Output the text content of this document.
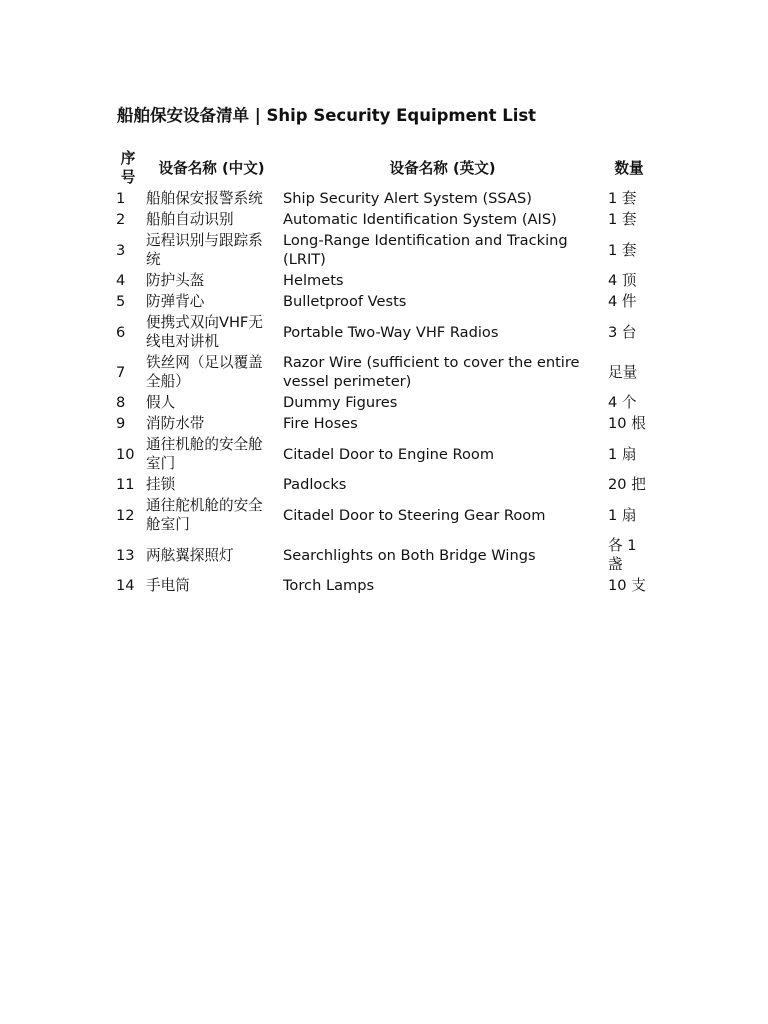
船舶保安设备清单 | Ship Security Equipment List
序号	设备名称 (中文)	设备名称 (英文)	数量
1	船舶保安报警系统	Ship Security Alert System (SSAS)	1 套
2	船舶自动识别	Automatic Identification System (AIS)	1 套
3	远程识别与跟踪系统	Long-Range Identification and Tracking (LRIT)	1 套
4	防护头盔	Helmets	4 顶
5	防弹背心	Bulletproof Vests	4 件
6	便携式双向VHF无线电对讲机	Portable Two-Way VHF Radios	3 台
7	铁丝网（足以覆盖全船）	Razor Wire (sufficient to cover the entire vessel perimeter)	足量
8	假人	Dummy Figures	4 个
9	消防水带	Fire Hoses	10 根
10	通往机舱的安全舱室门	Citadel Door to Engine Room	1 扇
11	挂锁	Padlocks	20 把
12	通往舵机舱的安全舱室门	Citadel Door to Steering Gear Room	1 扇
13	两舷翼探照灯	Searchlights on Both Bridge Wings	各 1 盏
14	手电筒	Torch Lamps	10 支
